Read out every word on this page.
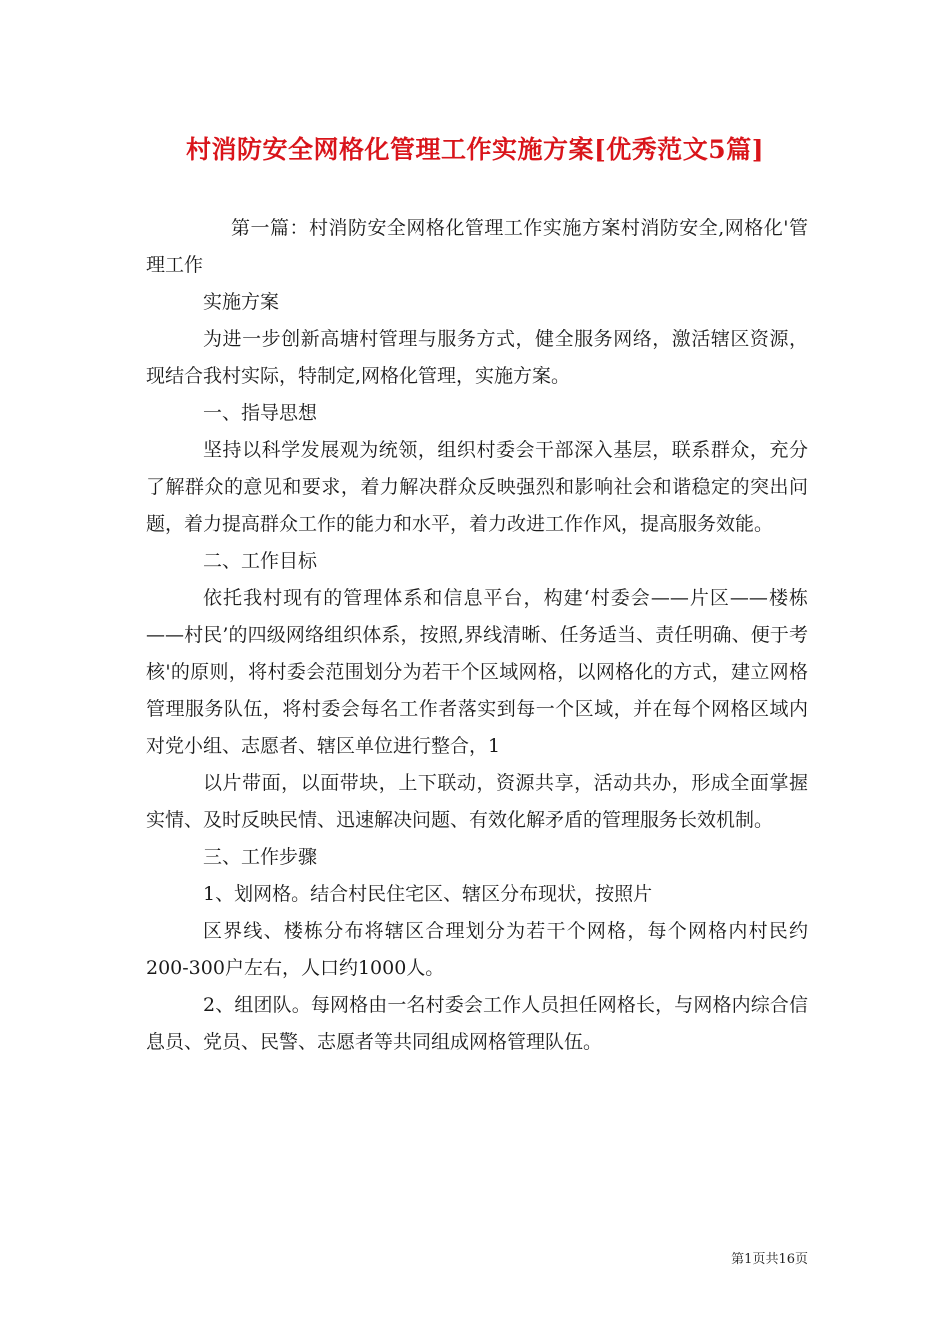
村消防安全网格化管理工作实施方案[优秀范文5篇]

第一篇：村消防安全网格化管理工作实施方案村消防安全,网格化'管理工作

实施方案

为进一步创新高塘村管理与服务方式，健全服务网络，激活辖区资源，现结合我村实际，特制定,网格化管理，实施方案。

一、指导思想

坚持以科学发展观为统领，组织村委会干部深入基层，联系群众，充分了解群众的意见和要求，着力解决群众反映强烈和影响社会和谐稳定的突出问题，着力提高群众工作的能力和水平，着力改进工作作风，提高服务效能。

二、工作目标

依托我村现有的管理体系和信息平台，构建‘村委会——片区——楼栋——村民’的四级网络组织体系，按照,界线清晰、任务适当、责任明确、便于考核'的原则，将村委会范围划分为若干个区域网格，以网格化的方式，建立网格管理服务队伍，将村委会每名工作者落实到每一个区域，并在每个网格区域内对党小组、志愿者、辖区单位进行整合，1

以片带面，以面带块，上下联动，资源共享，活动共办，形成全面掌握实情、及时反映民情、迅速解决问题、有效化解矛盾的管理服务长效机制。

三、工作步骤

1、划网格。结合村民住宅区、辖区分布现状，按照片

区界线、楼栋分布将辖区合理划分为若干个网格，每个网格内村民约200-300户左右，人口约1000人。

2、组团队。每网格由一名村委会工作人员担任网格长，与网格内综合信息员、党员、民警、志愿者等共同组成网格管理队伍。

第1页共16页
